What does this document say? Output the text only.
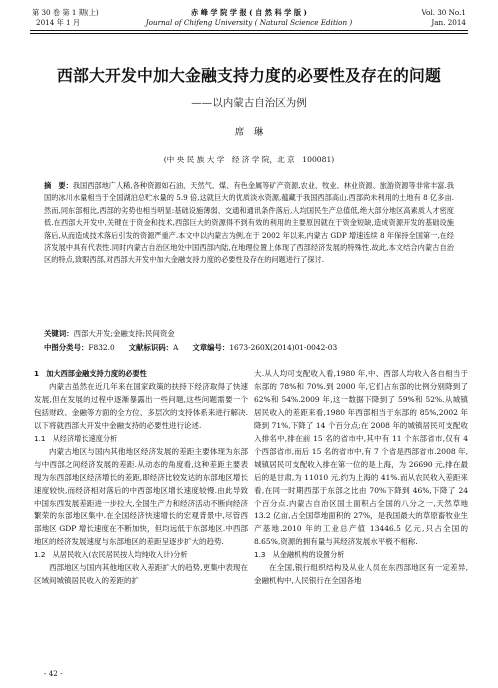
第 30 卷 第 1 期(上)
2014 年 1 月
赤 峰 学 院 学 报 ( 自 然 科 学 版 )
Journal of Chifeng University ( Natural Science Edition )
Vol. 30 No.1
Jan. 2014
西部大开发中加大金融支持力度的必要性及存在的问题
——以内蒙古自治区为例
席　琳
(中 央 民 族 大 学　经 济 学 院，北 京　100081)
摘　要：我国西部地广人稀,各种资源如石油、天然气、煤、有色金属等矿产资源,农业、牧业、林业资源、旅游资源等非常丰富.我国的冰川水量相当于全国湖泊总贮水量的 5.9 倍,这就巨大的优质淡水资源,蕴藏于我国西部高山.西部尚未利用的土地有 8 亿多亩.然而,同东部相比,西部的劣势也相当明显:基础设施薄弱、交通和通讯条件落后,人均国民生产总值低,绝大部分地区高素质人才密度低.在西部大开发中,关键在于资金和技术,西部巨大的资源得不到有效的利用的主要原因就在于资金短缺,造成资源开发的基础设施落后,从而造成技术落后引发的资源严重产.本文中以内蒙古为例,在于 2002 年以来,内蒙古 GDP 增速连续 8 年保持全国第一,在经济发展中具有代表性.同时内蒙古自治区地处中国西部内陆,在地理位置上体现了西部经济发展的特殊性.故此,本文结合内蒙古自治区的特点,致眼西部,对西部大开发中加大金融支持力度的必要性及存在的问题进行了探讨.
关键词：西部大开发;金融支持;民间资金
中图分类号：F832.0 文献标识码：A 文章编号：1673-260X(2014)01-0042-03

1　加大西部金融支持力度的必要性

内蒙古虽然在近几年来在国家政策的扶持下经济取得了快速发展,但在发展的过程中逐渐暴露出一些问题,这些问题需要一个包括财政、金融等方面的全方位、多层次的支持体系来进行解决.以下将就西部大开发中金融支持的必要性进行论述.

1.1　从经济增长速度分析

内蒙古地区与国内其他地区经济发展的差距主要体现为东部与中西部之间经济发展的差距.从动态的角度看,这种差距主要表现为东西部地区经济增长的差距,即经济比较发达的东部地区增长速度较快,而经济相对落后的中西部地区增长速度较慢.由此导致中国东西发展差距进一步拉大,全国生产力和经济活动不断向经济繁荣的东部地区集中.在全国经济快速增长的宏观背景中,尽管西部地区 GDP 增长速度在不断加快，但均远低于东部地区.中西部地区的经济发展速度与东部地区的差距呈逐步扩大的趋势.

1.2　从居民收入(农民居民按人均纯收入计)分析

西部地区与国内其他地区收入差距扩大的趋势,更集中表现在区域间城镇居民收入的差距的扩

大.从人均可支配收入看,1980 年,中、西部人均收入各自相当于东部的 78%和 70%.到 2000 年,它们占东部的比例分别降到了 62%和 54%.2009 年,这一数据下降到了 59%和 52%.从城镇居民收入的差距来看,1980 年西部相当于东部的 85%,2002 年降到 71%,下降了 14 个百分点;在 2008 年的城镇居民可支配收入排名中,排在前 15 名的省市中,其中有 11 个东部省市,仅有 4 个西部省市,而后 15 名的省市中,有 7 个省是西部省市.2008 年,城镇居民可支配收入排在第一位的是上海，为 26690 元,排在最后的是甘肃,为 11010 元,约为上海的 41%.而从农民收入差距来看,在同一时期西部于东部之比由 70%下降到 46%,下降了 24 个百分点.内蒙古自治区国土面积占全国的八分之一,天然草地 13.2 亿亩,占全国草地面积的 27%，是我国最大的草原畜牧业生产基地.2010 年的工业总产值 13446.5 亿元,只占全国的 8.65%,资源的拥有量与其经济发展水平极不相称.

1.3　从金融机构的设置分析

在全国,银行组织结构及从业人员在东西部地区有一定差异,金融机构中,人民银行在全国各地

- 42 -
